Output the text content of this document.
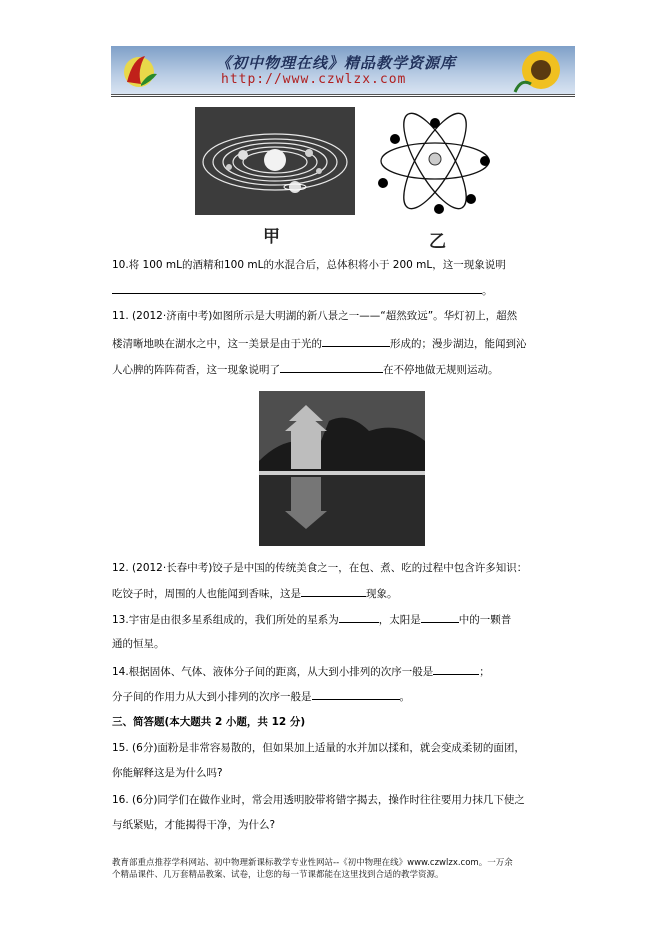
《初中物理在线》精品教学资源库
http://www.czwlzx.com
甲	乙
10.将 100 mL的酒精和100 mL的水混合后，总体积将小于 200 mL，这一现象说明
。
11. (2012·济南中考)如图所示是大明湖的新八景之一——“超然致远”。华灯初上，超然
楼清晰地映在湖水之中，这一美景是由于光的	形成的；漫步湖边，能闻到沁
人心脾的阵阵荷香，这一现象说明了	在不停地做无规则运动。
12. (2012·长春中考)饺子是中国的传统美食之一，在包、煮、吃的过程中包含许多知识：
吃饺子时，周围的人也能闻到香味，这是	现象。
13.宇宙是由很多星系组成的，我们所处的星系为	，太阳是	中的一颗普
通的恒星。
14.根据固体、气体、液体分子间的距离，从大到小排列的次序一般是	；
分子间的作用力从大到小排列的次序一般是	。
三、简答题(本大题共 2 小题，共 12 分)
15. (6分)面粉是非常容易散的，但如果加上适量的水并加以揉和，就会变成柔韧的面团，
你能解释这是为什么吗?
16. (6分)同学们在做作业时，常会用透明胶带将错字揭去，操作时往往要用力抹几下使之
与纸紧贴，才能揭得干净，为什么?
教育部重点推荐学科网站、初中物理新课标教学专业性网站--《初中物理在线》www.czwlzx.com。一万余
个精品课件、几万套精品教案、试卷，让您的每一节课都能在这里找到合适的教学资源。
